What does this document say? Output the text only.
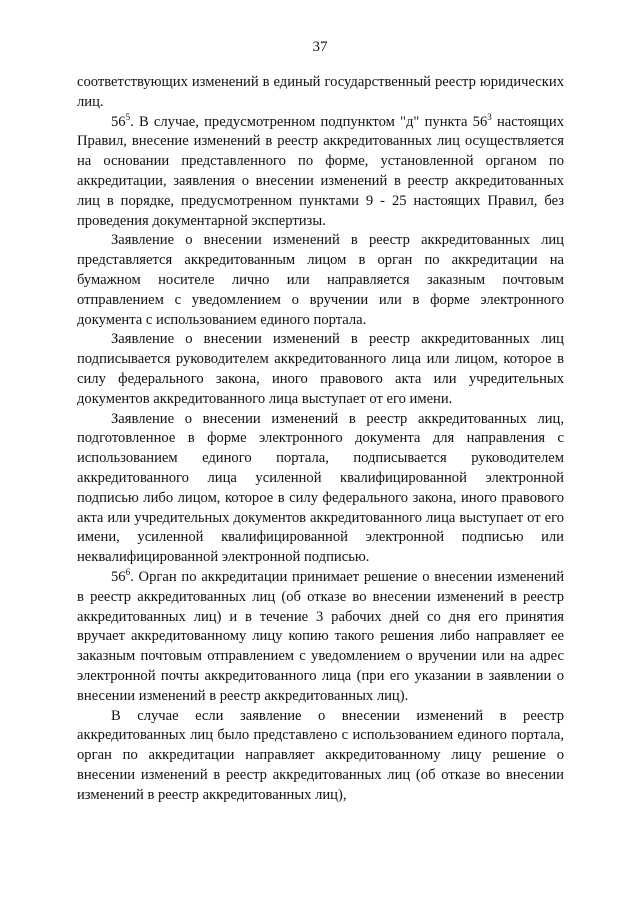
37

соответствующих изменений в единый государственный реестр юридических лиц.

$56^5$. В случае, предусмотренном подпунктом "д" пункта $56^3$ настоящих Правил, внесение изменений в реестр аккредитованных лиц осуществляется на основании представленного по форме, установленной органом по аккредитации, заявления о внесении изменений в реестр аккредитованных лиц в порядке, предусмотренном пунктами 9 - 25 настоящих Правил, без проведения документарной экспертизы.

Заявление о внесении изменений в реестр аккредитованных лиц представляется аккредитованным лицом в орган по аккредитации на бумажном носителе лично или направляется заказным почтовым отправлением с уведомлением о вручении или в форме электронного документа с использованием единого портала.

Заявление о внесении изменений в реестр аккредитованных лиц подписывается руководителем аккредитованного лица или лицом, которое в силу федерального закона, иного правового акта или учредительных документов аккредитованного лица выступает от его имени.

Заявление о внесении изменений в реестр аккредитованных лиц, подготовленное в форме электронного документа для направления с использованием единого портала, подписывается руководителем аккредитованного лица усиленной квалифицированной электронной подписью либо лицом, которое в силу федерального закона, иного правового акта или учредительных документов аккредитованного лица выступает от его имени, усиленной квалифицированной электронной подписью или неквалифицированной электронной подписью.

$56^6$. Орган по аккредитации принимает решение о внесении изменений в реестр аккредитованных лиц (об отказе во внесении изменений в реестр аккредитованных лиц) и в течение 3 рабочих дней со дня его принятия вручает аккредитованному лицу копию такого решения либо направляет ее заказным почтовым отправлением с уведомлением о вручении или на адрес электронной почты аккредитованного лица (при его указании в заявлении о внесении изменений в реестр аккредитованных лиц).

В случае если заявление о внесении изменений в реестр аккредитованных лиц было представлено с использованием единого портала, орган по аккредитации направляет аккредитованному лицу решение о внесении изменений в реестр аккредитованных лиц (об отказе во внесении изменений в реестр аккредитованных лиц),
